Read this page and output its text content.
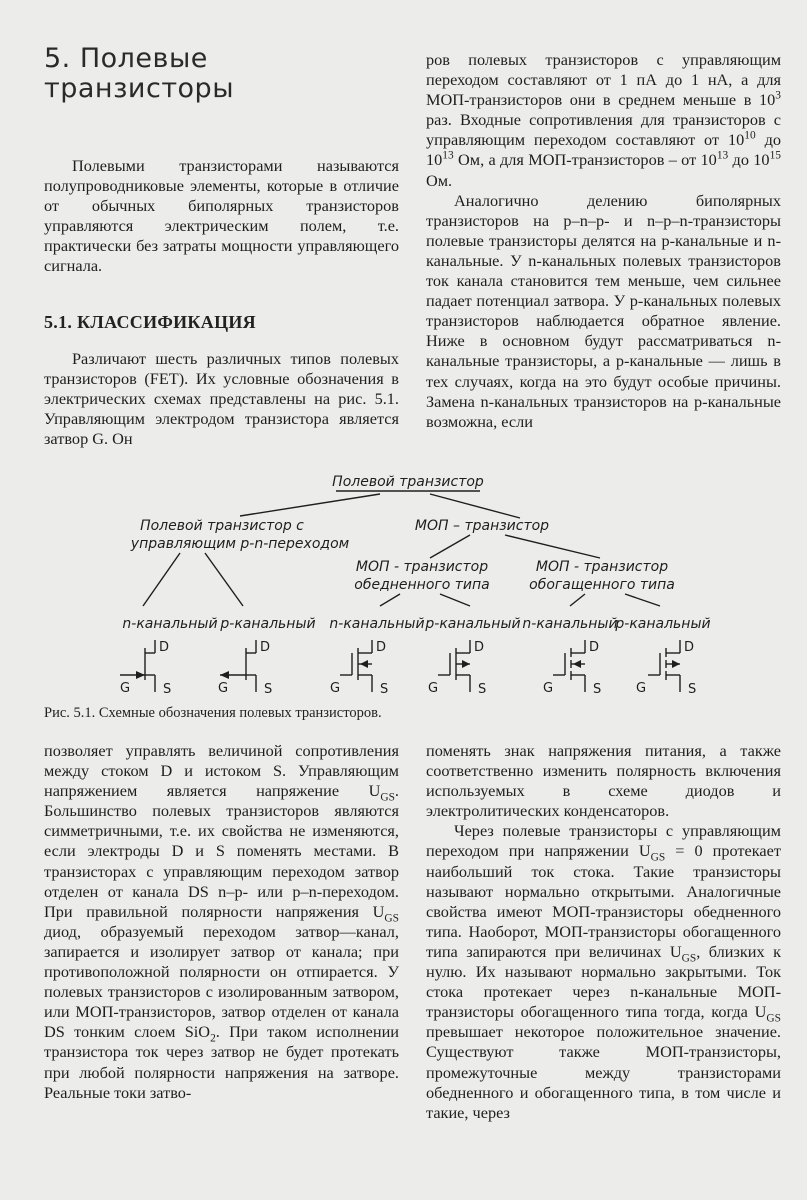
5. Полевые транзисторы

Полевыми транзисторами называются полупроводниковые элементы, которые в отличие от обычных биполярных транзисторов управляются электрическим полем, т.е. практически без затраты мощности управляющего сигнала.

5.1. КЛАССИФИКАЦИЯ

Различают шесть различных типов полевых транзисторов (FET). Их условные обозначения в электрических схемах представлены на рис. 5.1. Управляющим электродом транзистора является затвор G. Он

ров полевых транзисторов с управляющим переходом составляют от 1 пА до 1 нА, а для МОП-транзисторов они в среднем меньше в $10^3$ раз. Входные сопротивления для транзисторов с управляющим переходом составляют от $10^{10}$ до $10^{13}$ Ом, а для МОП-транзисторов – от $10^{13}$ до $10^{15}$ Ом.

Аналогично делению биполярных транзисторов на p–n–p- и n–p–n-транзисторы полевые транзисторы делятся на p-канальные и n-канальные. У n-канальных полевых транзисторов ток канала становится тем меньше, чем сильнее падает потенциал затвора. У p-канальных полевых транзисторов наблюдается обратное явление. Ниже в основном будут рассматриваться n-канальные транзисторы, а p-канальные — лишь в тех случаях, когда на это будут особые причины. Замена n-канальных транзисторов на p-канальные возможна, если

Полевой транзистор
Полевой транзистор с
управляющим p-n-переходом
МОП – транзистор
МОП - транзистор
обедненного типа
МОП - транзистор
обогащенного типа
n-канальный p-канальный n-канальный p-канальный n-канальный
p-канальный
D
G	S
D
G	S
D
G	S
D
G	S
D
G	S
D
G	S
Рис. 5.1. Схемные обозначения полевых транзисторов.

позволяет управлять величиной сопротивления между стоком D и истоком S. Управляющим напряжением является напряжение $U_{GS}$. Большинство полевых транзисторов являются симметричными, т.е. их свойства не изменяются, если электроды D и S поменять местами. В транзисторах с управляющим переходом затвор отделен от канала DS n–p- или p–n-переходом. При правильной полярности напряжения $U_{GS}$ диод, образуемый переходом затвор—канал, запирается и изолирует затвор от канала; при противоположной полярности он отпирается. У полевых транзисторов с изолированным затвором, или МОП-транзисторов, затвор отделен от канала DS тонким слоем SiO$_2$. При таком исполнении транзистора ток через затвор не будет протекать при любой полярности напряжения на затворе. Реальные токи затво-

поменять знак напряжения питания, а также соответственно изменить полярность включения используемых в схеме диодов и электролитических конденсаторов.

Через полевые транзисторы с управляющим переходом при напряжении $U_{GS} = 0$ протекает наибольший ток стока. Такие транзисторы называют нормально открытыми. Аналогичные свойства имеют МОП-транзисторы обедненного типа. Наоборот, МОП-транзисторы обогащенного типа запираются при величинах $U_{GS}$, близких к нулю. Их называют нормально закрытыми. Ток стока протекает через n-канальные МОП-транзисторы обогащенного типа тогда, когда $U_{GS}$ превышает некоторое положительное значение. Существуют также МОП-транзисторы, промежуточные между транзисторами обедненного и обогащенного типа, в том числе и такие, через
